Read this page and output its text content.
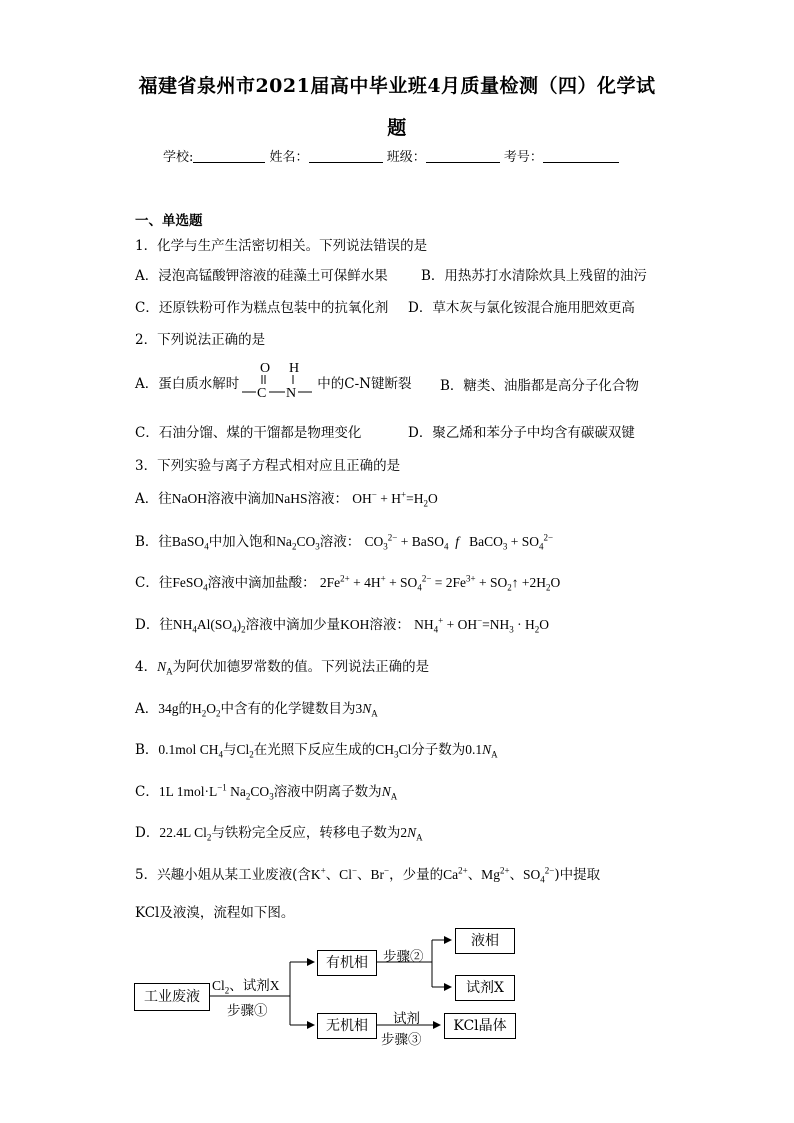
福建省泉州市2021届高中毕业班4月质量检测（四）化学试
题
学校:	姓名：	班级：	考号：
一、单选题
1．化学与生产生活密切相关。下列说法错误的是
A．浸泡高锰酸钾溶液的硅藻土可保鲜水果 B．用热苏打水清除炊具上残留的油污
C．还原铁粉可作为糕点包装中的抗氧化剂 D．草木灰与氯化铵混合施用肥效更高
2．下列说法正确的是
A．蛋白质水解时
O H
C N
中的C-N键断裂 B．糖类、油脂都是高分子化合物
C．石油分馏、煤的干馏都是物理变化	D．聚乙烯和苯分子中均含有碳碳双键
3．下列实验与离子方程式相对应且正确的是
A．往NaOH溶液中滴加NaHS溶液： $OH^- + H^+=H_2O$
B．往BaSO$_4$中加入饱和$Na_2CO_3$溶液： $CO_3^{2-}$ + BaSO$_4$ f   BaCO$_3$ + $SO_4^{2-}$
C．往FeSO$_4$溶液中滴加盐酸： $2Fe^{2+} + 4H^+ + SO_4^{2-} = 2Fe^{3+}$ + $SO_2↑ +2H_2O$
D．往$NH_4Al(SO_4)_2$溶液中滴加少量KOH溶液： $NH_4^+ + OH^-=NH_3 \cdot H_2O$
4．$N_A$为阿伏加德罗常数的值。下列说法正确的是
A．34g的$H_2O_2$中含有的化学键数目为$3N_A$
B．0.1mol $CH_4$与$Cl_2$在光照下反应生成的$CH_3Cl$分子数为$0.1N_A$
C．1L $1mol\cdot L^{-1}$ $Na_2CO_3$溶液中阴离子数为$N_A$
D．22.4L $Cl_2$与铁粉完全反应，转移电子数为$2N_A$
5．兴趣小姐从某工业废液(含K+、Cl−、Br−，少量的$Ca^{2+}$、$Mg^{2+}$、$SO_4^{2-}$)中提取
KCl及液溴，流程如下图。
工业废液
$Cl_2$、试剂X
步骤①
有机相	步骤②
液相
试剂X
无机相	试剂
步骤③
KCl晶体
